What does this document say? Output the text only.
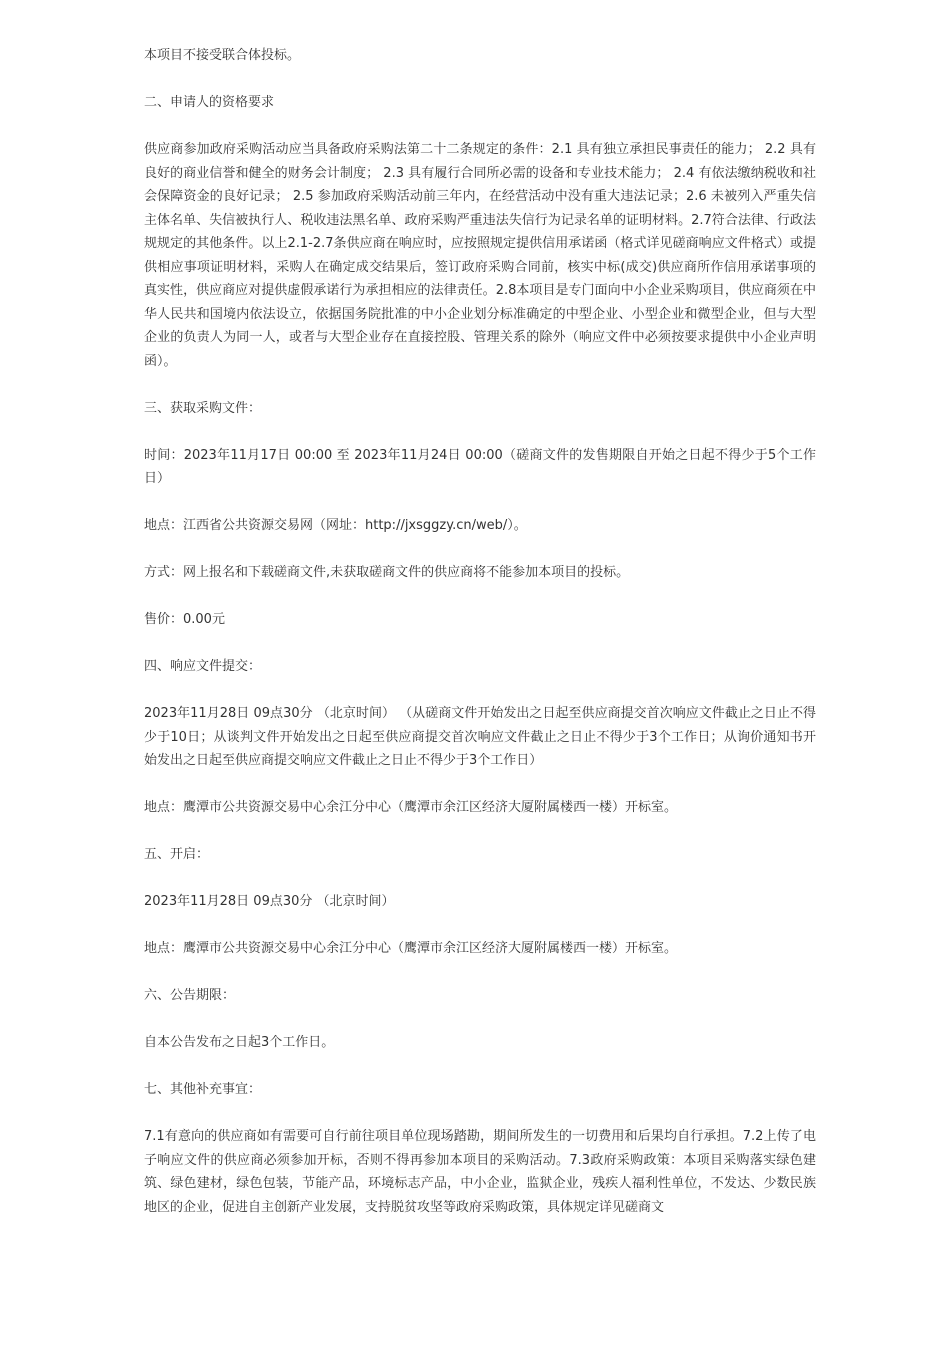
本项目不接受联合体投标。

二、申请人的资格要求

供应商参加政府采购活动应当具备政府采购法第二十二条规定的条件：2.1 具有独立承担民事责任的能力； 2.2 具有良好的商业信誉和健全的财务会计制度； 2.3 具有履行合同所必需的设备和专业技术能力； 2.4 有依法缴纳税收和社会保障资金的良好记录； 2.5 参加政府采购活动前三年内，在经营活动中没有重大违法记录；2.6 未被列入严重失信主体名单、失信被执行人、税收违法黑名单、政府采购严重违法失信行为记录名单的证明材料。2.7符合法律、行政法规规定的其他条件。以上2.1-2.7条供应商在响应时，应按照规定提供信用承诺函（格式详见磋商响应文件格式）或提供相应事项证明材料，采购人在确定成交结果后，签订政府采购合同前，核实中标(成交)供应商所作信用承诺事项的真实性，供应商应对提供虚假承诺行为承担相应的法律责任。2.8本项目是专门面向中小企业采购项目，供应商须在中华人民共和国境内依法设立，依据国务院批准的中小企业划分标准确定的中型企业、小型企业和微型企业，但与大型企业的负责人为同一人，或者与大型企业存在直接控股、管理关系的除外（响应文件中必须按要求提供中小企业声明函）。

三、获取采购文件：

时间：2023年11月17日 00:00 至 2023年11月24日 00:00（磋商文件的发售期限自开始之日起不得少于5个工作日）

地点：江西省公共资源交易网（网址：http://jxsggzy.cn/web/）。

方式：网上报名和下载磋商文件,未获取磋商文件的供应商将不能参加本项目的投标。

售价：0.00元

四、响应文件提交：

2023年11月28日 09点30分 （北京时间） （从磋商文件开始发出之日起至供应商提交首次响应文件截止之日止不得少于10日；从谈判文件开始发出之日起至供应商提交首次响应文件截止之日止不得少于3个工作日；从询价通知书开始发出之日起至供应商提交响应文件截止之日止不得少于3个工作日）

地点：鹰潭市公共资源交易中心余江分中心（鹰潭市余江区经济大厦附属楼西一楼）开标室。

五、开启：

2023年11月28日 09点30分 （北京时间）

地点：鹰潭市公共资源交易中心余江分中心（鹰潭市余江区经济大厦附属楼西一楼）开标室。

六、公告期限：

自本公告发布之日起3个工作日。

七、其他补充事宜：

7.1有意向的供应商如有需要可自行前往项目单位现场踏勘，期间所发生的一切费用和后果均自行承担。7.2上传了电子响应文件的供应商必须参加开标，否则不得再参加本项目的采购活动。7.3政府采购政策：本项目采购落实绿色建筑、绿色建材，绿色包装，节能产品，环境标志产品，中小企业，监狱企业，残疾人福利性单位，不发达、少数民族地区的企业，促进自主创新产业发展，支持脱贫攻坚等政府采购政策，具体规定详见磋商文
